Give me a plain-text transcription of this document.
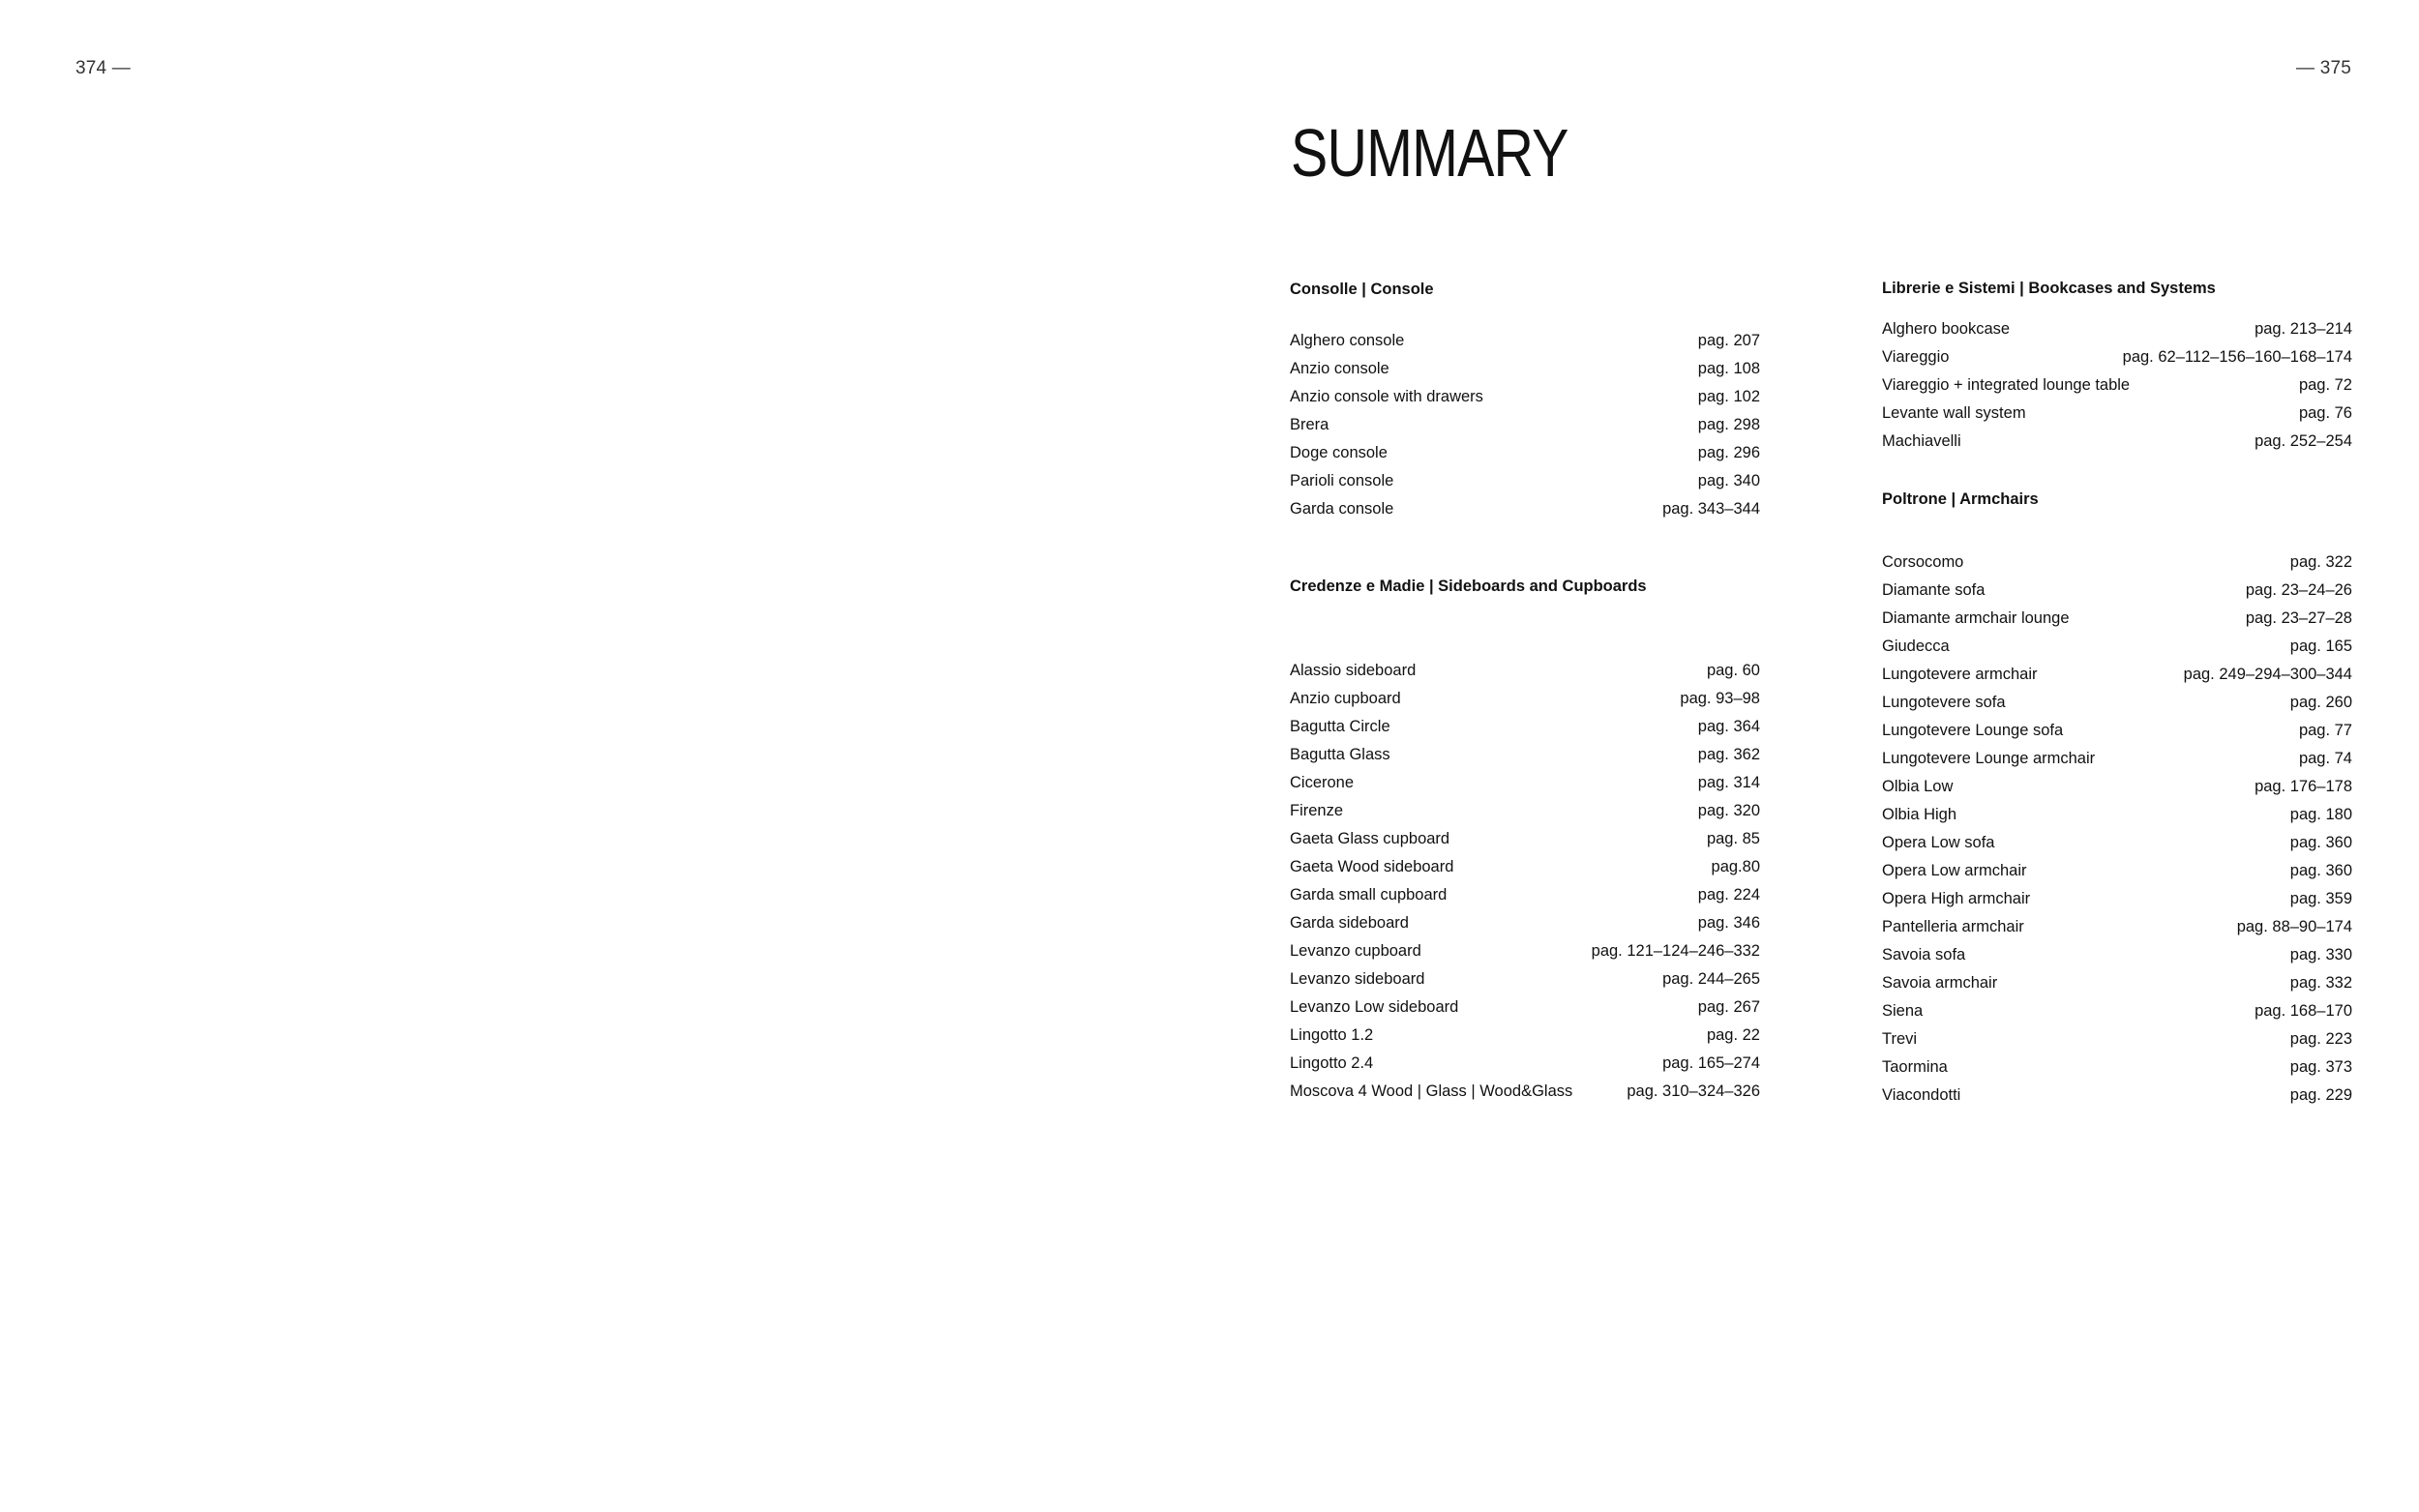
374 —	— 375
SUMMARY
Consolle | Console
Alghero console	pag. 207
Anzio console	pag. 108
Anzio console with drawers	pag. 102
Brera	pag. 298
Doge console	pag. 296
Parioli console	pag. 340
Garda console	pag. 343–344
Credenze e Madie | Sideboards and Cupboards
Alassio sideboard	pag. 60
Anzio cupboard	pag. 93–98
Bagutta Circle	pag. 364
Bagutta Glass	pag. 362
Cicerone	pag. 314
Firenze	pag. 320
Gaeta Glass cupboard	pag. 85
Gaeta Wood sideboard	pag.80
Garda small cupboard	pag. 224
Garda sideboard	pag. 346
Levanzo cupboard	pag. 121–124–246–332
Levanzo sideboard	pag. 244–265
Levanzo Low sideboard	pag. 267
Lingotto 1.2	pag. 22
Lingotto 2.4	pag. 165–274
Moscova 4 Wood | Glass | Wood&Glass	pag. 310–324–326
Librerie e Sistemi | Bookcases and Systems
Alghero bookcase	pag. 213–214
Viareggio	pag. 62–112–156–160–168–174
Viareggio + integrated lounge table	pag. 72
Levante wall system	pag. 76
Machiavelli	pag. 252–254
Poltrone | Armchairs
Corsocomo	pag. 322
Diamante sofa	pag. 23–24–26
Diamante armchair lounge	pag. 23–27–28
Giudecca	pag. 165
Lungotevere armchair	pag. 249–294–300–344
Lungotevere sofa	pag. 260
Lungotevere Lounge sofa	pag. 77
Lungotevere Lounge armchair	pag. 74
Olbia Low	pag. 176–178
Olbia High	pag. 180
Opera Low sofa	pag. 360
Opera Low armchair	pag. 360
Opera High armchair	pag. 359
Pantelleria armchair	pag. 88–90–174
Savoia sofa	pag. 330
Savoia armchair	pag. 332
Siena	pag. 168–170
Trevi	pag. 223
Taormina	pag. 373
Viacondotti	pag. 229
